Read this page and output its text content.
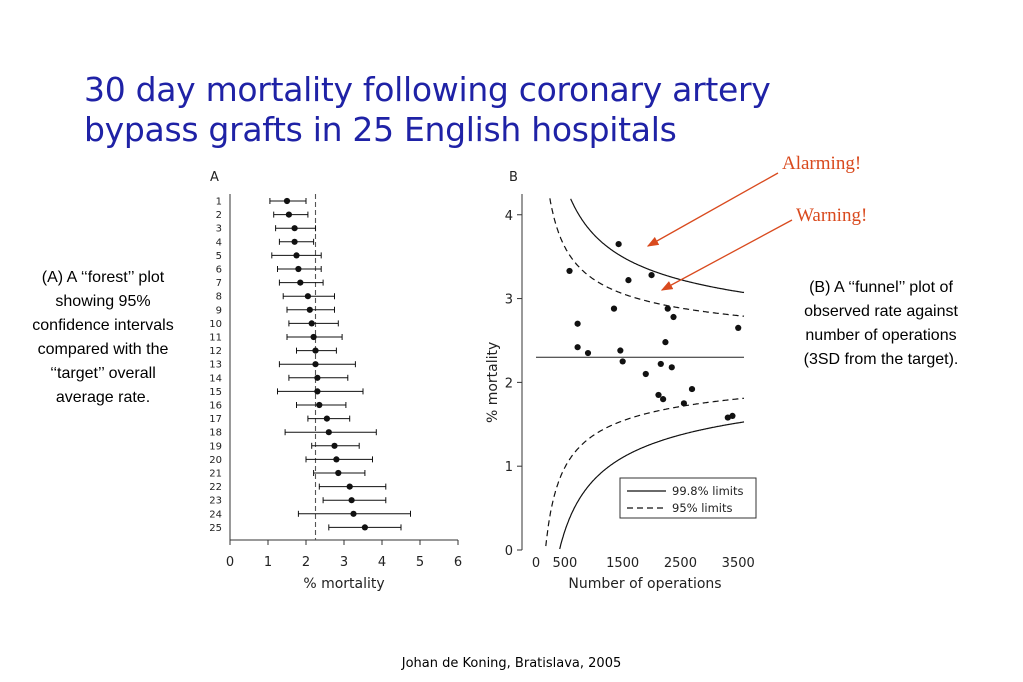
30 day mortality following coronary artery bypass grafts in 25 English hospitals
(A) A ‘‘forest’’ plot showing 95% confidence intervals compared with the ‘‘target’’ overall average rate.
(B) A ‘‘funnel’’ plot of observed rate against number of operations (3SD from the target).
Alarming!
Warning!
A
0 1 2 3 4 5 6
% mortality
1
2
3
4
5
6
7
8
9
10
11
12
13
14
15
16
17
18
19
20
21
22
23
24
25
B
0
1
2
3
4
% mortality
0 500 1500 2500 3500
Number of operations
99.8% limits
95% limits
Johan de Koning, Bratislava, 2005
